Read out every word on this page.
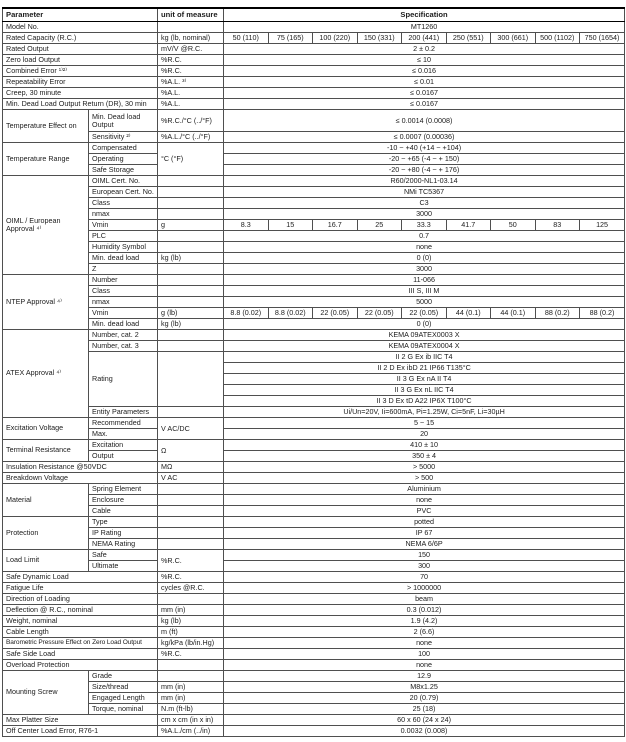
Parameter		unit of measure	Specification								
Model No.			MT1260								
Rated Capacity (R.C.)		kg (lb, nominal)	50 (110)	75 (165)	100 (220)	150 (331)	200 (441)	250 (551)	300 (661)	500 (1102)	750 (1654)
Rated Output		mV/V @R.C.	2 ± 0.2								
Zero load Output		%R.C.	≤ 10								
Combined Error ¹⁾²⁾		%R.C.	≤ 0.016								
Repeatability Error		%A.L. ³⁾	≤ 0.01								
Creep, 30 minute		%A.L.	≤ 0.0167								
Min. Dead Load Output Return (DR), 30 min		%A.L.	≤ 0.0167								
Temperature Effect on	Min. Dead load Output	%R.C./°C (../°F)	≤ 0.0014 (0.0008)								
	Sensitivity ²⁾	%A.L./°C (../°F)	≤ 0.0007 (0.00036)								
Temperature Range	Compensated	°C (°F)	-10 ~ +40 (+14 ~ +104)								
	Operating		-20 ~ +65 (-4 ~ + 150)								
	Safe Storage		-20 ~ +80 (-4 ~ + 176)								
OIML / European Approval ⁴⁾	OIML Cert. No.		R60/2000-NL1-03.14								
	European Cert. No.		NMi TC5367								
	Class		C3								
	nmax		3000								
	Vmin	g	8.3	15	16.7	25	33.3	41.7	50	83	125
	PLC		0.7								
	Humidity Symbol		none								
	Min. dead load	kg (lb)	0 (0)								
	Z		3000								
NTEP Approval ⁴⁾	Number		11-066								
	Class		III S, III M								
	nmax		5000								
	Vmin	g (lb)	8.8 (0.02)	8.8 (0.02)	22 (0.05)	22 (0.05)	22 (0.05)	44 (0.1)	44 (0.1)	88 (0.2)	88 (0.2)
	Min. dead load	kg (lb)	0 (0)								
ATEX Approval ⁴⁾	Number, cat. 2		KEMA 09ATEX0003 X								
	Number, cat. 3		KEMA 09ATEX0004 X								
	Rating		II 2 G Ex ib IIC T4								
			II 2 D Ex ibD 21 IP66 T135°C								
			II 3 G Ex nA II T4								
			II 3 G Ex nL IIC T4								
			II 3 D Ex tD A22 IP6X T100°C								
	Entity Parameters		Ui/Un=20V, Ii=600mA, Pi=1.25W, Ci=5nF, Li=30µH								
Excitation Voltage	Recommended	V AC/DC	5 ~ 15								
	Max.		20								
Terminal Resistance	Excitation	Ω	410 ± 10								
	Output		350 ± 4								
Insulation Resistance @50VDC		MΩ	> 5000								
Breakdown Voltage		V AC	> 500								
Material	Spring Element		Aluminium								
	Enclosure		none								
	Cable		PVC								
Protection	Type		potted								
	IP Rating		IP 67								
	NEMA Rating		NEMA 6/6P								
Load Limit	Safe	%R.C.	150								
	Ultimate		300								
Safe Dynamic Load		%R.C.	70								
Fatigue Life		cycles @R.C.	> 1000000								
Direction of Loading			beam								
Deflection @ R.C., nominal		mm (in)	0.3 (0.012)								
Weight, nominal		kg (lb)	1.9 (4.2)								
Cable Length		m (ft)	2 (6.6)								
Barometric Pressure Effect on Zero Load Output		kg/kPa (lb/in.Hg)	none								
Safe Side Load		%R.C.	100								
Overload Protection			none								
Mounting Screw	Grade		12.9								
	Size/thread	mm (in)	M8x1.25								
	Engaged Length	mm (in)	20 (0.79)								
	Torque, nominal	N.m (ft-lb)	25 (18)								
Max Platter Size		cm x cm (in x in)	60 x 60 (24 x 24)								
Off Center Load Error, R76-1		%A.L./cm (../in)	0.0032 (0.008)								
